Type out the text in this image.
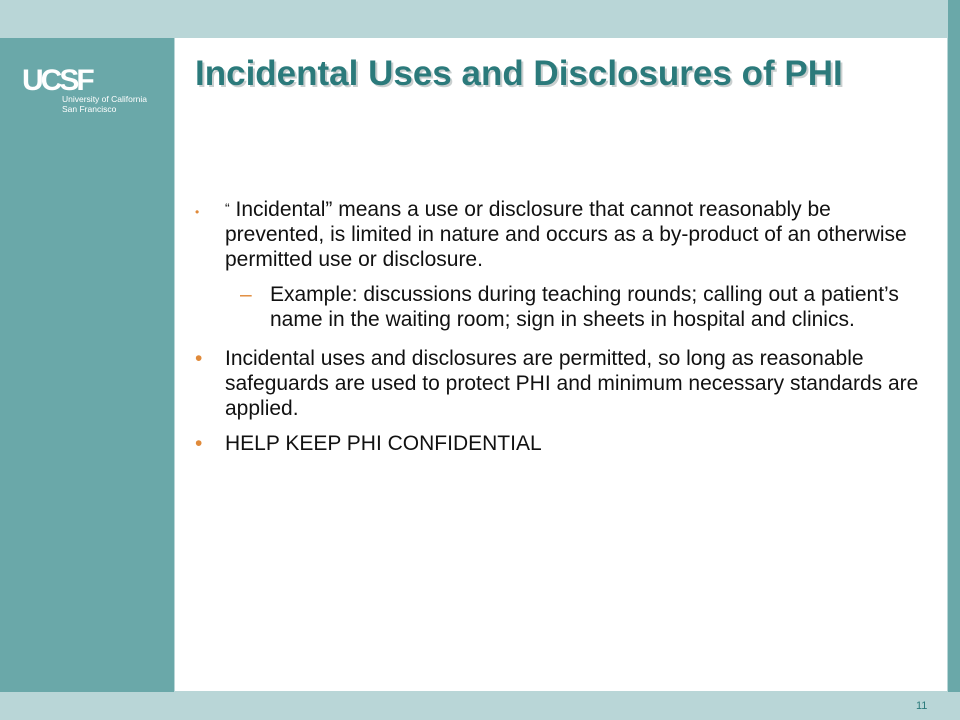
UCSF
University of California
San Francisco
Incidental Uses and Disclosures of PHI
• “ Incidental” means a use or disclosure that cannot reasonably be prevented, is limited in nature and occurs as a by-product of an otherwise permitted use or disclosure.
– Example: discussions during teaching rounds; calling out a patient’s name in the waiting room; sign in sheets in hospital and clinics.
• Incidental uses and disclosures are permitted, so long as reasonable safeguards are used to protect PHI and minimum necessary standards are applied.
• HELP KEEP PHI CONFIDENTIAL
11
